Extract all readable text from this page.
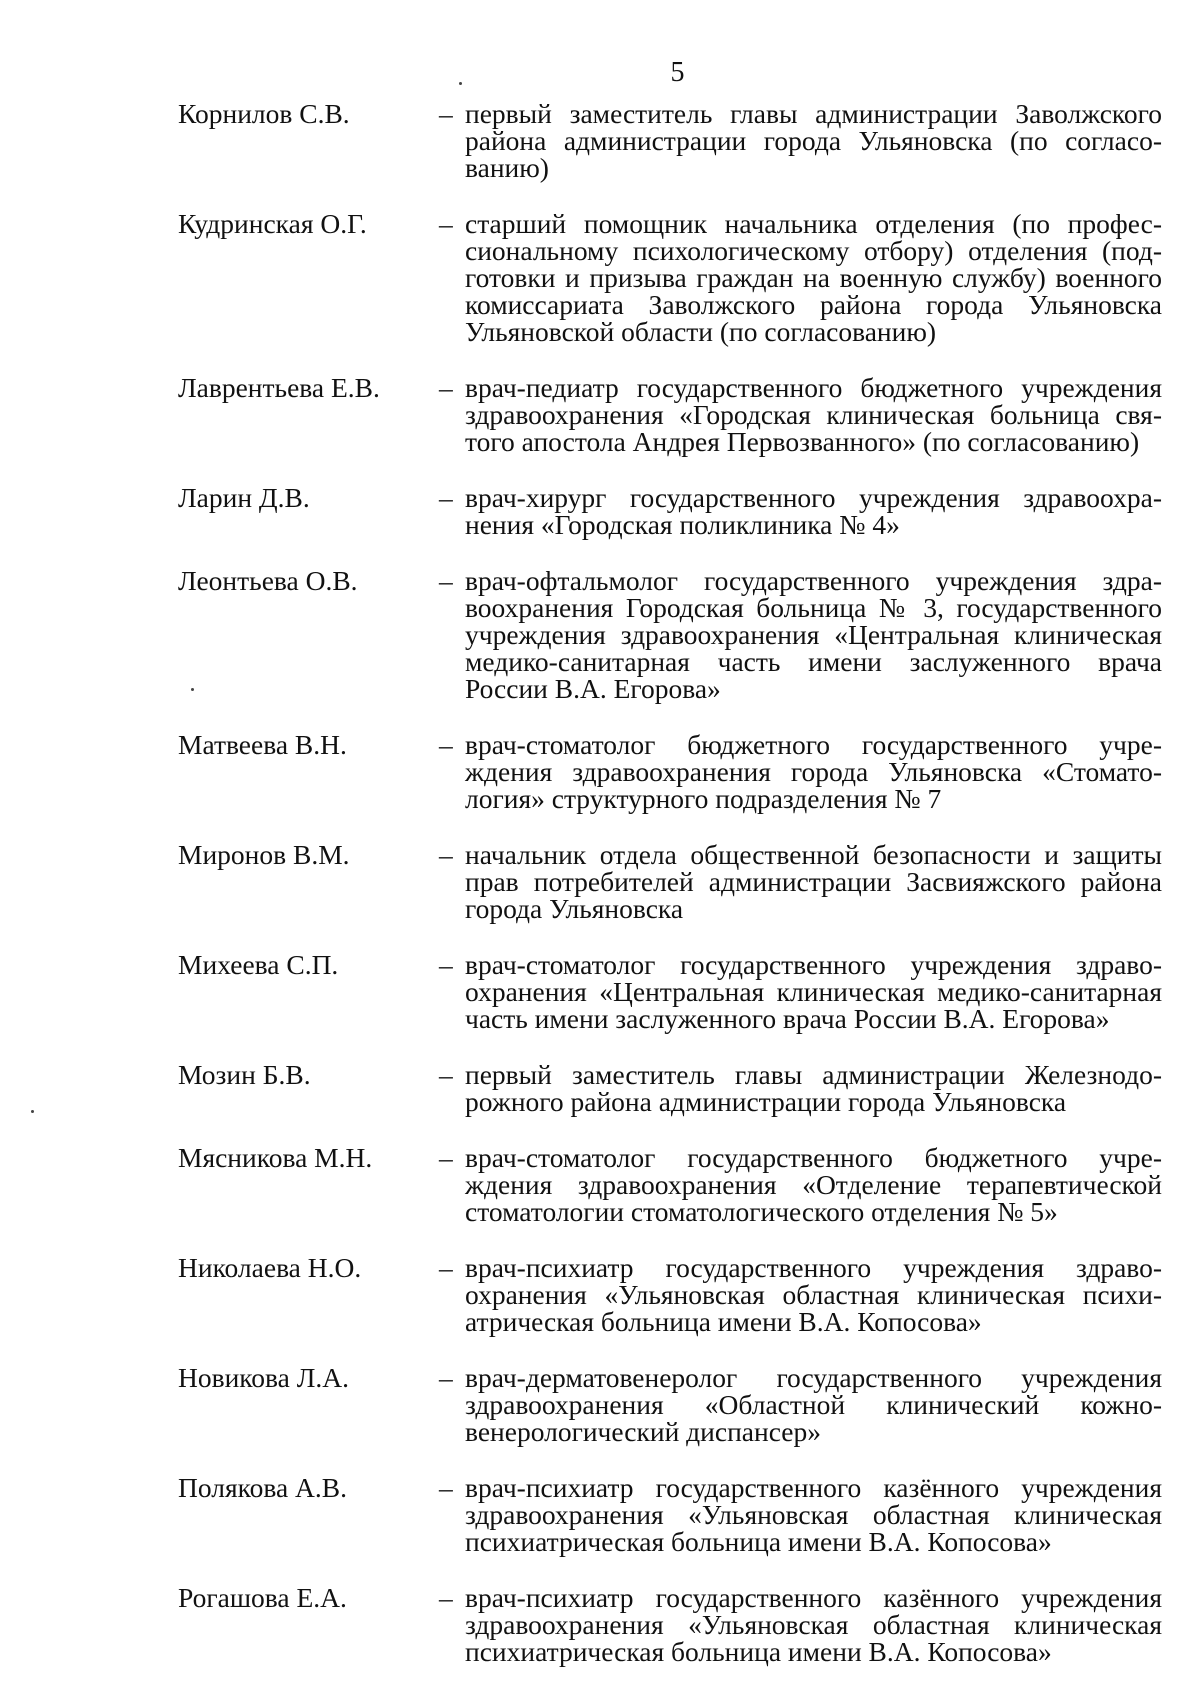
5
Корнилов С.В.	– первый заместитель главы администрации Заволжского района администрации города Ульяновска (по согласованию)
Кудринская О.Г.	– старший помощник начальника отделения (по профессиональному психологическому отбору) отделения (подготовки и призыва граждан на военную службу) военного комиссариата Заволжского района города Ульяновска Ульяновской области (по согласованию)
Лаврентьева Е.В. – врач-педиатр государственного бюджетного учреждения здравоохранения «Городская клиническая больница святого апостола Андрея Первозванного» (по согласованию)
Ларин Д.В.	– врач-хирург государственного учреждения здравоохранения «Городская поликлиника № 4»
Леонтьева О.В.	– врач-офтальмолог государственного учреждения здравоохранения Городская больница № 3, государственного учреждения здравоохранения «Центральная клиническая медико-санитарная часть имени заслуженного врача России В.А. Егорова»
Матвеева В.Н.	– врач-стоматолог бюджетного государственного учреждения здравоохранения города Ульяновска «Стоматология» структурного подразделения № 7
Миронов В.М.	– начальник отдела общественной безопасности и защиты прав потребителей администрации Засвияжского района города Ульяновска
Михеева С.П.	– врач-стоматолог государственного учреждения здравоохранения «Центральная клиническая медико-санитарная часть имени заслуженного врача России В.А. Егорова»
Мозин Б.В.	– первый заместитель главы администрации Железнодорожного района администрации города Ульяновска
Мясникова М.Н. – врач-стоматолог государственного бюджетного учреждения здравоохранения «Отделение терапевтической стоматологии стоматологического отделения № 5»
Николаева Н.О.	– врач-психиатр государственного учреждения здравоохранения «Ульяновская областная клиническая психиатрическая больница имени В.А. Копосова»
Новикова Л.А.	– врач-дерматовенеролог государственного учреждения здравоохранения «Областной клинический кожновенерологический диспансер»
Полякова А.В.	– врач-психиатр государственного казённого учреждения здравоохранения «Ульяновская областная клиническая психиатрическая больница имени В.А. Копосова»
Рогашова Е.А.	– врач-психиатр государственного казённого учреждения здравоохранения «Ульяновская областная клиническая психиатрическая больница имени В.А. Копосова»
